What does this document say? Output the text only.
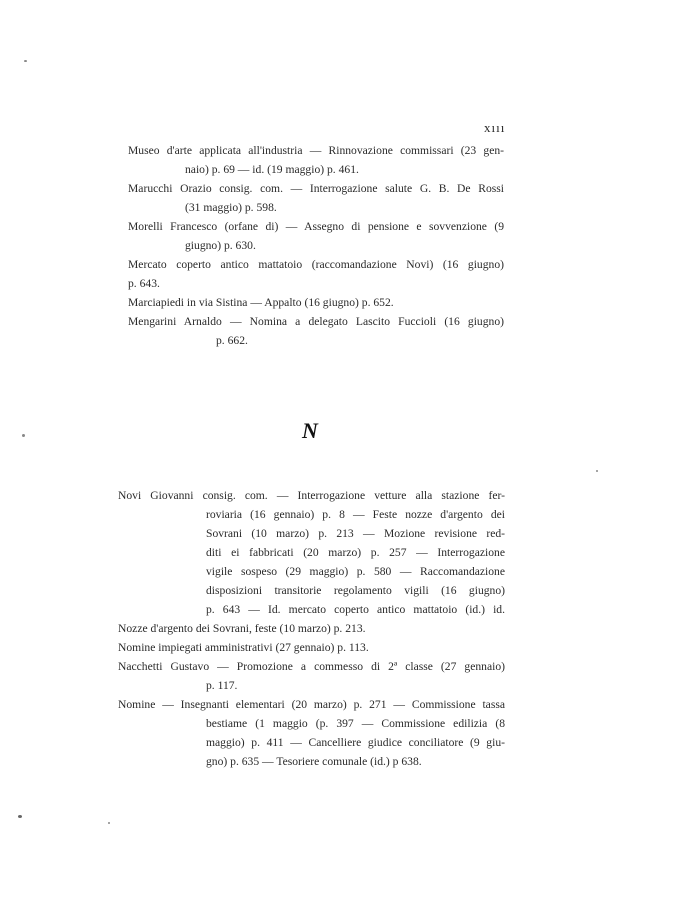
xııı

Museo d'arte applicata all'industria — Rinnovazione commissari (23 gen-
naio) p. 69 — id. (19 maggio) p. 461.

Marucchi Orazio consig. com. — Interrogazione salute G. B. De Rossi
(31 maggio) p. 598.

Morelli Francesco (orfane di) — Assegno di pensione e sovvenzione (9
giugno) p. 630.

Mercato coperto antico mattatoio (raccomandazione Novi) (16 giugno)
p. 643.

Marciapiedi in via Sistina — Appalto (16 giugno) p. 652.

Mengarini Arnaldo — Nomina a delegato Lascito Fuccioli (16 giugno)
p. 662.

N

Novi Giovanni consig. com. — Interrogazione vetture alla stazione fer-
roviaria (16 gennaio) p. 8 — Feste nozze d'argento dei
Sovrani (10 marzo) p. 213 — Mozione revisione red-
diti ei fabbricati (20 marzo) p. 257 — Interrogazione
vigile sospeso (29 maggio) p. 580 — Raccomandazione
disposizioni transitorie regolamento vigili (16 giugno)
p. 643 — Id. mercato coperto antico mattatoio (id.) id.

Nozze d'argento dei Sovrani, feste (10 marzo) p. 213.

Nomine impiegati amministrativi (27 gennaio) p. 113.

Nacchetti Gustavo — Promozione a commesso di 2ª classe (27 gennaio)
p. 117.

Nomine — Insegnanti elementari (20 marzo) p. 271 — Commissione tassa
bestiame (1 maggio (p. 397 — Commissione edilizia (8
maggio) p. 411 — Cancelliere giudice conciliatore (9 giu-
gno) p. 635 — Tesoriere comunale (id.) p 638.
